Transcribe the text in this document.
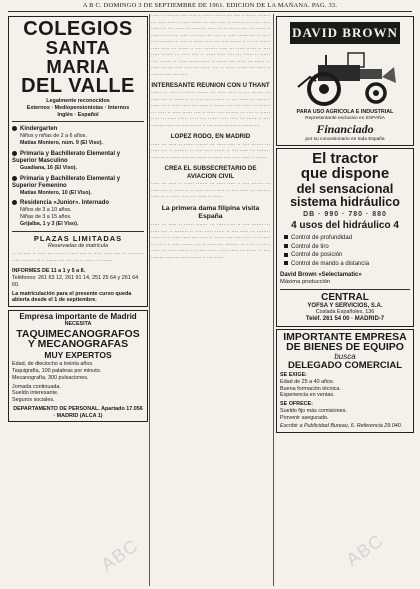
A B C. DOMINGO 3 DE SEPTIEMBRE DE 1961. EDICION DE LA MAÑANA. PAG. 33.
COLEGIOS
SANTA MARIA
DEL VALLE
Legalmente reconocidos
Externos · Mediopensionistas · Internos
Inglés · Español
Kindergarten
Niños y niñas de 2 a 6 años.
Matías Montero, núm. 9 (El Viso).
Primaria y Bachillerato Elemental y Superior Masculino
Guadiana, 16 (El Viso).
Primaria y Bachillerato Elemental y Superior Femenino
Matías Montero, 10 (El Viso).
Residencia «Junior». Internado
Niños de 3 a 10 años.
Niñas de 3 a 15 años.
Grijalba, 1 y 3 (El Viso).
PLAZAS LIMITADAS
Reservadas de matrícula
·· ··· ···· ·· ····· ··· ···· ·· ······ ···· ·· ····· ····· ···· ·· ······ ··· ····· ·· ····· ··· ·· ······ ···· ····· ·· ·· ····· ··· ·······
INFORMES DE 11 a 1 y 5 a 8.
Teléfonos: 261 63 12, 261 91 14, 251 25 64 y 261 64 60.
La matriculación para el presente curso queda abierta desde el 1 de septiembre.
Empresa importante de Madrid
NECESITA
TAQUIMECANOGRAFOS
Y MECANOGRAFAS
MUY EXPERTOS
Edad, de dieciocho a treinta años.
Taquigrafía, 100 palabras por minuto.
Mecanografía, 300 pulsaciones.
Jornada continuada.
Sueldo interesante.
Seguros sociales.
DEPARTAMENTO DE PERSONAL. Apartado 17.056 · MADRID (ALCA 1)
····· ·· ········ ···· ····· ·· ····· ······· ··· ···· ·· ······ ······· ··· ····· ····· ·· ···· ······· ··· ····· ···· ·· ········ ·· ····· ····· ······ ·· ···· ····· ··· ········ ····· ··· ·· ····· ····· ··· ······ ·· ······ ···· ····· ····· ·· ······· ··· ····· ·· ····· ······ ···· ·· ····· ···· ········ ··· ···· ·· ······ ····· ··· ····· ······ ·· ·· ···· ······ ····· ····· ··· ······ ·· ···· ········ ····· ··· ····· ······ ·· ···· ····· ······· ··· ····· ···· ·· ······ ····· ···· ··· ······ ·· ······ ···· ······· ·· ····· ······ ····· ·· ······ ···· ····· ··· ······ ·· ····· ······· ····· ··· ····· ······ ···· ·· ······ ······ ···· ····· ·· ······· ····· ··· ·····
INTERESANTE REUNION CON U THANT
······ ··· ····· ·· ······ ······· ··· ····· ····· ·· ···· ······· ··· ····· ···· ·· ········ ·· ····· ····· ······ ·· ···· ····· ··· ········ ····· ··· ·· ····· ····· ··· ······ ·· ······ ···· ····· ····· ·· ······· ··· ····· ·· ····· ······ ···· ·· ····· ···· ········ ··· ···· ·· ······ ····· ··· ····· ······ ·· ·· ···· ······ ····· ····· ··· ······ ·· ···· ········ ····· ··· ····· ······ ·· ···· ····· ······· ··· ····· ····
LOPEZ RODO, EN MADRID
····· ··· ····· ·· ······ ······· ··· ····· ····· ·· ···· ······· ··· ····· ···· ·· ········ ·· ····· ····· ······ ·· ···· ····· ··· ········ ····· ··· ·· ····· ····· ··· ······ ·· ······ ···· ····· ····· ·· ·······
CREA EL SUBSECRETARIO DE AVIACION CIVIL
····· ··· ····· ·· ······ ······· ··· ····· ····· ·· ···· ······· ··· ····· ···· ·· ········ ·· ····· ····· ······ ·· ···· ····· ··· ········ ····· ··· ·· ····· ····· ··· ······ ·· ······
La primera dama filipina visita España
····· ··· ····· ·· ······ ······· ··· ····· ····· ·· ···· ······· ··· ····· ···· ·· ········ ·· ····· ····· ······ ·· ···· ····· ··· ········ ····· ··· ·· ····· ····· ··· ······ ·· ······ ···· ····· ····· ·· ······· ··· ····· ·· ····· ······ ···· ·· ····· ···· ········ ··· ···· ·· ······ ····· ··· ····· ······ ·· ·· ···· ······ ····· ····· ··· ······ ·· ···· ········ ····· ··· ····· ······ ·· ···· ·····
DAVID BROWN
PARA USO AGRICOLA E INDUSTRIAL
Representante exclusivo en ESPAÑA
Financiado
por su concesionario en toda España
El tractor
que dispone
del sensacional
sistema hidráulico
DB · 990 · 780 · 880
4 usos del hidráulico 4
Control de profundidad
Control de tiro
Control de posición
Control de mando a distancia
David Brown «Selectamatic»
Máxima producción
CENTRAL
YOFSA Y SERVICIOS, S.A.
Coslada Españoles, 136
Teléf. 261 54 00 · MADRID-7
IMPORTANTE EMPRESA
DE BIENES DE EQUIPO
busca
DELEGADO COMERCIAL
SE EXIGE:
Edad de 25 a 40 años.
Buena formación técnica.
Experiencia en ventas.
SE OFRECE:
Sueldo fijo más comisiones.
Porvenir asegurado.
Escribir a Publicidad Bureau, 6. Referencia 29.040.
ABC	ABC
